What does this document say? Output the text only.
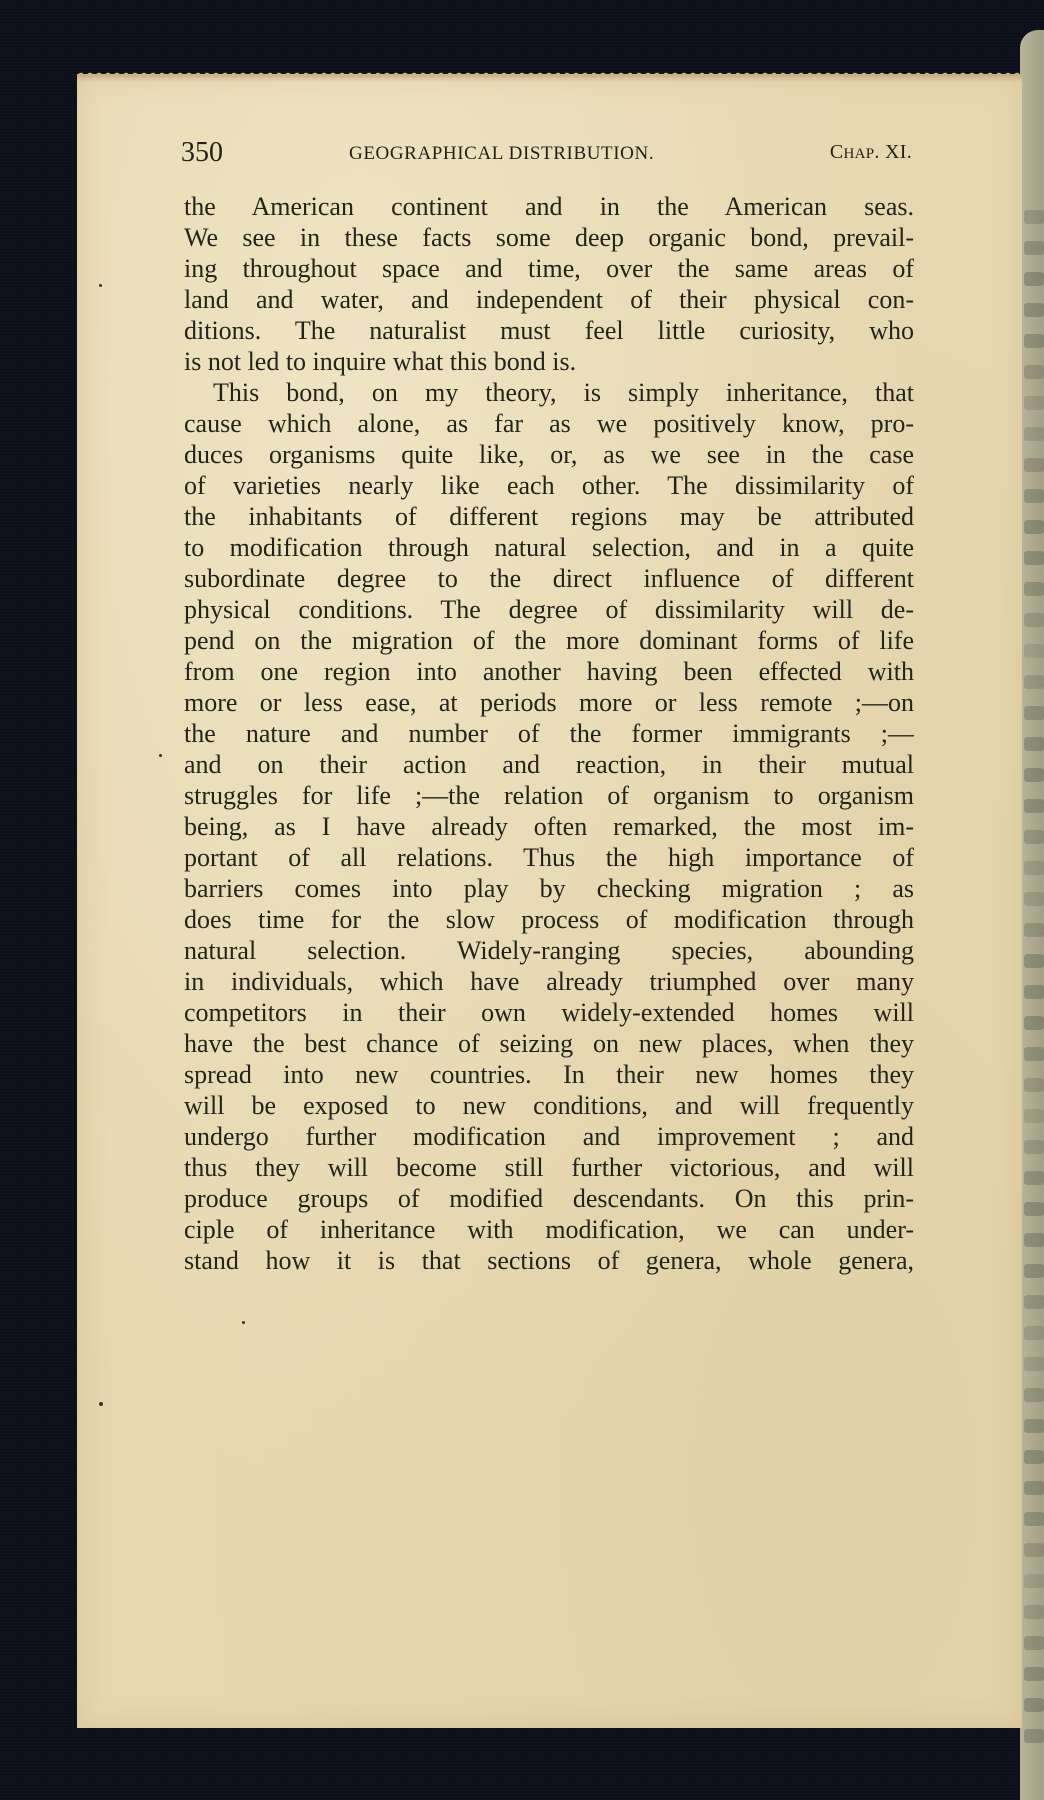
350	GEOGRAPHICAL DISTRIBUTION.	CHAP. XI.
the American continent and in the American seas.
We see in these facts some deep organic bond, prevail-
ing throughout space and time, over the same areas of
land and water, and independent of their physical con-
ditions. The naturalist must feel little curiosity, who
is not led to inquire what this bond is.
This bond, on my theory, is simply inheritance, that
cause which alone, as far as we positively know, pro-
duces organisms quite like, or, as we see in the case
of varieties nearly like each other. The dissimilarity of
the inhabitants of different regions may be attributed
to modification through natural selection, and in a quite
subordinate degree to the direct influence of different
physical conditions. The degree of dissimilarity will de-
pend on the migration of the more dominant forms of life
from one region into another having been effected with
more or less ease, at periods more or less remote ;—on
the nature and number of the former immigrants ;—
and on their action and reaction, in their mutual
struggles for life ;—the relation of organism to organism
being, as I have already often remarked, the most im-
portant of all relations. Thus the high importance of
barriers comes into play by checking migration ; as
does time for the slow process of modification through
natural selection. Widely-ranging species, abounding
in individuals, which have already triumphed over many
competitors in their own widely-extended homes will
have the best chance of seizing on new places, when they
spread into new countries. In their new homes they
will be exposed to new conditions, and will frequently
undergo further modification and improvement ; and
thus they will become still further victorious, and will
produce groups of modified descendants. On this prin-
ciple of inheritance with modification, we can under-
stand how it is that sections of genera, whole genera,
